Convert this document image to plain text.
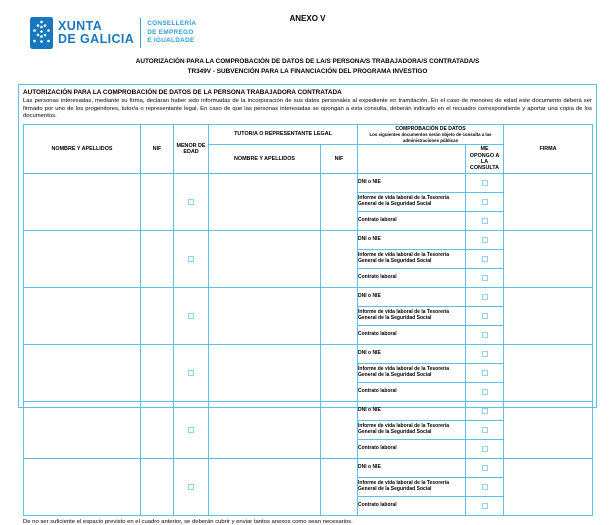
XUNTA
DE GALICIA
CONSELLERÍA
DE EMPREGO
E IGUALDADE
ANEXO V
AUTORIZACIÓN PARA LA COMPROBACIÓN DE DATOS DE LA/S PERSONA/S TRABAJADORA/S CONTRATADA/S
TR349V - SUBVENCIÓN PARA LA FINANCIACIÓN DEL PROGRAMA INVESTIGO
AUTORIZACIÓN PARA LA COMPROBACIÓN DE DATOS DE LA PERSONA TRABAJADORA CONTRATADA
Las personas interesadas, mediante su firma, declaran haber sido informadas de la incorporación de sus datos personales al expediente en tramitación. En el caso de menores de edad este documento deberá ser firmado por uno de los progenitores, tutor/a o representante legal. En caso de que las personas interesadas se opongan a esta consulta, deberán indicarlo en el recuadro correspondiente y aportar una copia de los documentos.
NOMBRE Y APELLIDOS	NIF	MENOR DE EDAD	TUTOR/A O REPRESENTANTE LEGAL		COMPROBACIÓN DE DATOS
Los siguientes documentos serán objeto de consulta a las administraciones públicas		FIRMA
			NOMBRE Y APELLIDOS	NIF		ME OPONGO A LA CONSULTA	
					DNI o NIE		
					Informe de vida laboral de la Tesorería General de la Seguridad Social		
					Contrato laboral		
					DNI o NIE		
					Informe de vida laboral de la Tesorería General de la Seguridad Social		
					Contrato laboral		
					DNI o NIE		
					Informe de vida laboral de la Tesorería General de la Seguridad Social		
					Contrato laboral		
					DNI o NIE		
					Informe de vida laboral de la Tesorería General de la Seguridad Social		
					Contrato laboral		
					DNI o NIE		
					Informe de vida laboral de la Tesorería General de la Seguridad Social		
					Contrato laboral		
					DNI o NIE		
					Informe de vida laboral de la Tesorería General de la Seguridad Social		
					Contrato laboral		
De no ser suficiente el espacio previsto en el cuadro anterior, se deberán cubrir y enviar tantos anexos como sean necesarios.
